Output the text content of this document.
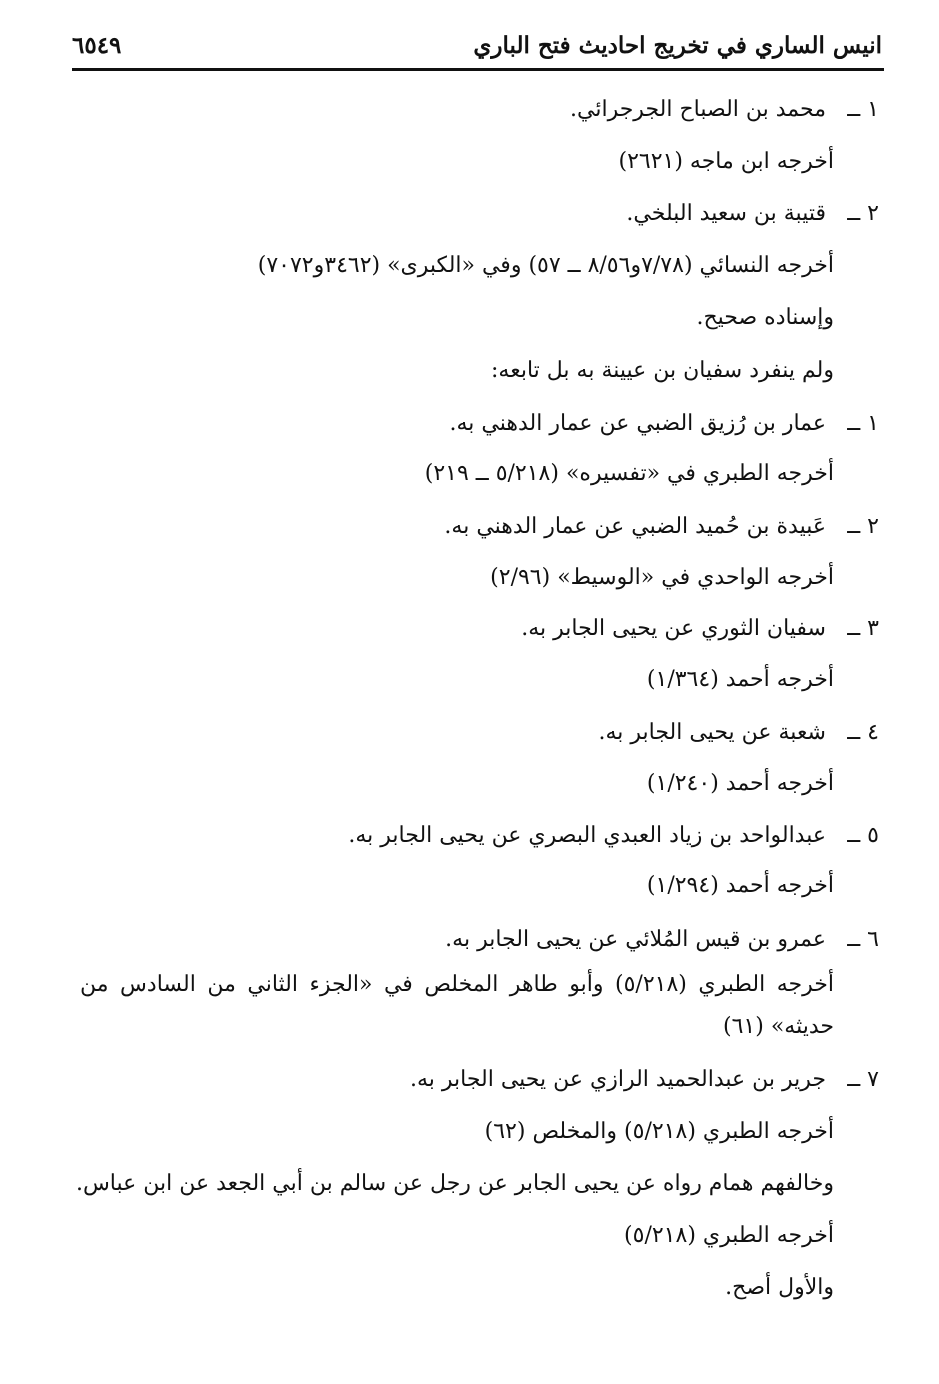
انيس الساري في تخريج احاديث فتح الباري
٦٥٤٩
١ ــ محمد بن الصباح الجرجرائي.
أخرجه ابن ماجه (٢٦٢١)
٢ ــ قتيبة بن سعيد البلخي.
أخرجه النسائي (٧/٧٨و٨/٥٦ ــ ٥٧) وفي «الكبرى» (٣٤٦٢و٧٠٧٢)
وإسناده صحيح.
ولم ينفرد سفيان بن عيينة به بل تابعه:
١ ــ عمار بن رُزيق الضبي عن عمار الدهني به.
أخرجه الطبري في «تفسيره» (٥/٢١٨ ــ ٢١٩)
٢ ــ عَبيدة بن حُميد الضبي عن عمار الدهني به.
أخرجه الواحدي في «الوسيط» (٢/٩٦)
٣ ــ سفيان الثوري عن يحيى الجابر به.
أخرجه أحمد (١/٣٦٤)
٤ ــ شعبة عن يحيى الجابر به.
أخرجه أحمد (١/٢٤٠)
٥ ــ عبدالواحد بن زياد العبدي البصري عن يحيى الجابر به.
أخرجه أحمد (١/٢٩٤)
٦ ــ عمرو بن قيس المُلائي عن يحيى الجابر به.
أخرجه الطبري (٥/٢١٨) وأبو طاهر المخلص في «الجزء الثاني من السادس من حديثه» (٦١)
٧ ــ جرير بن عبدالحميد الرازي عن يحيى الجابر به.
أخرجه الطبري (٥/٢١٨) والمخلص (٦٢)
وخالفهم همام رواه عن يحيى الجابر عن رجل عن سالم بن أبي الجعد عن ابن عباس.
أخرجه الطبري (٥/٢١٨)
والأول أصح.
